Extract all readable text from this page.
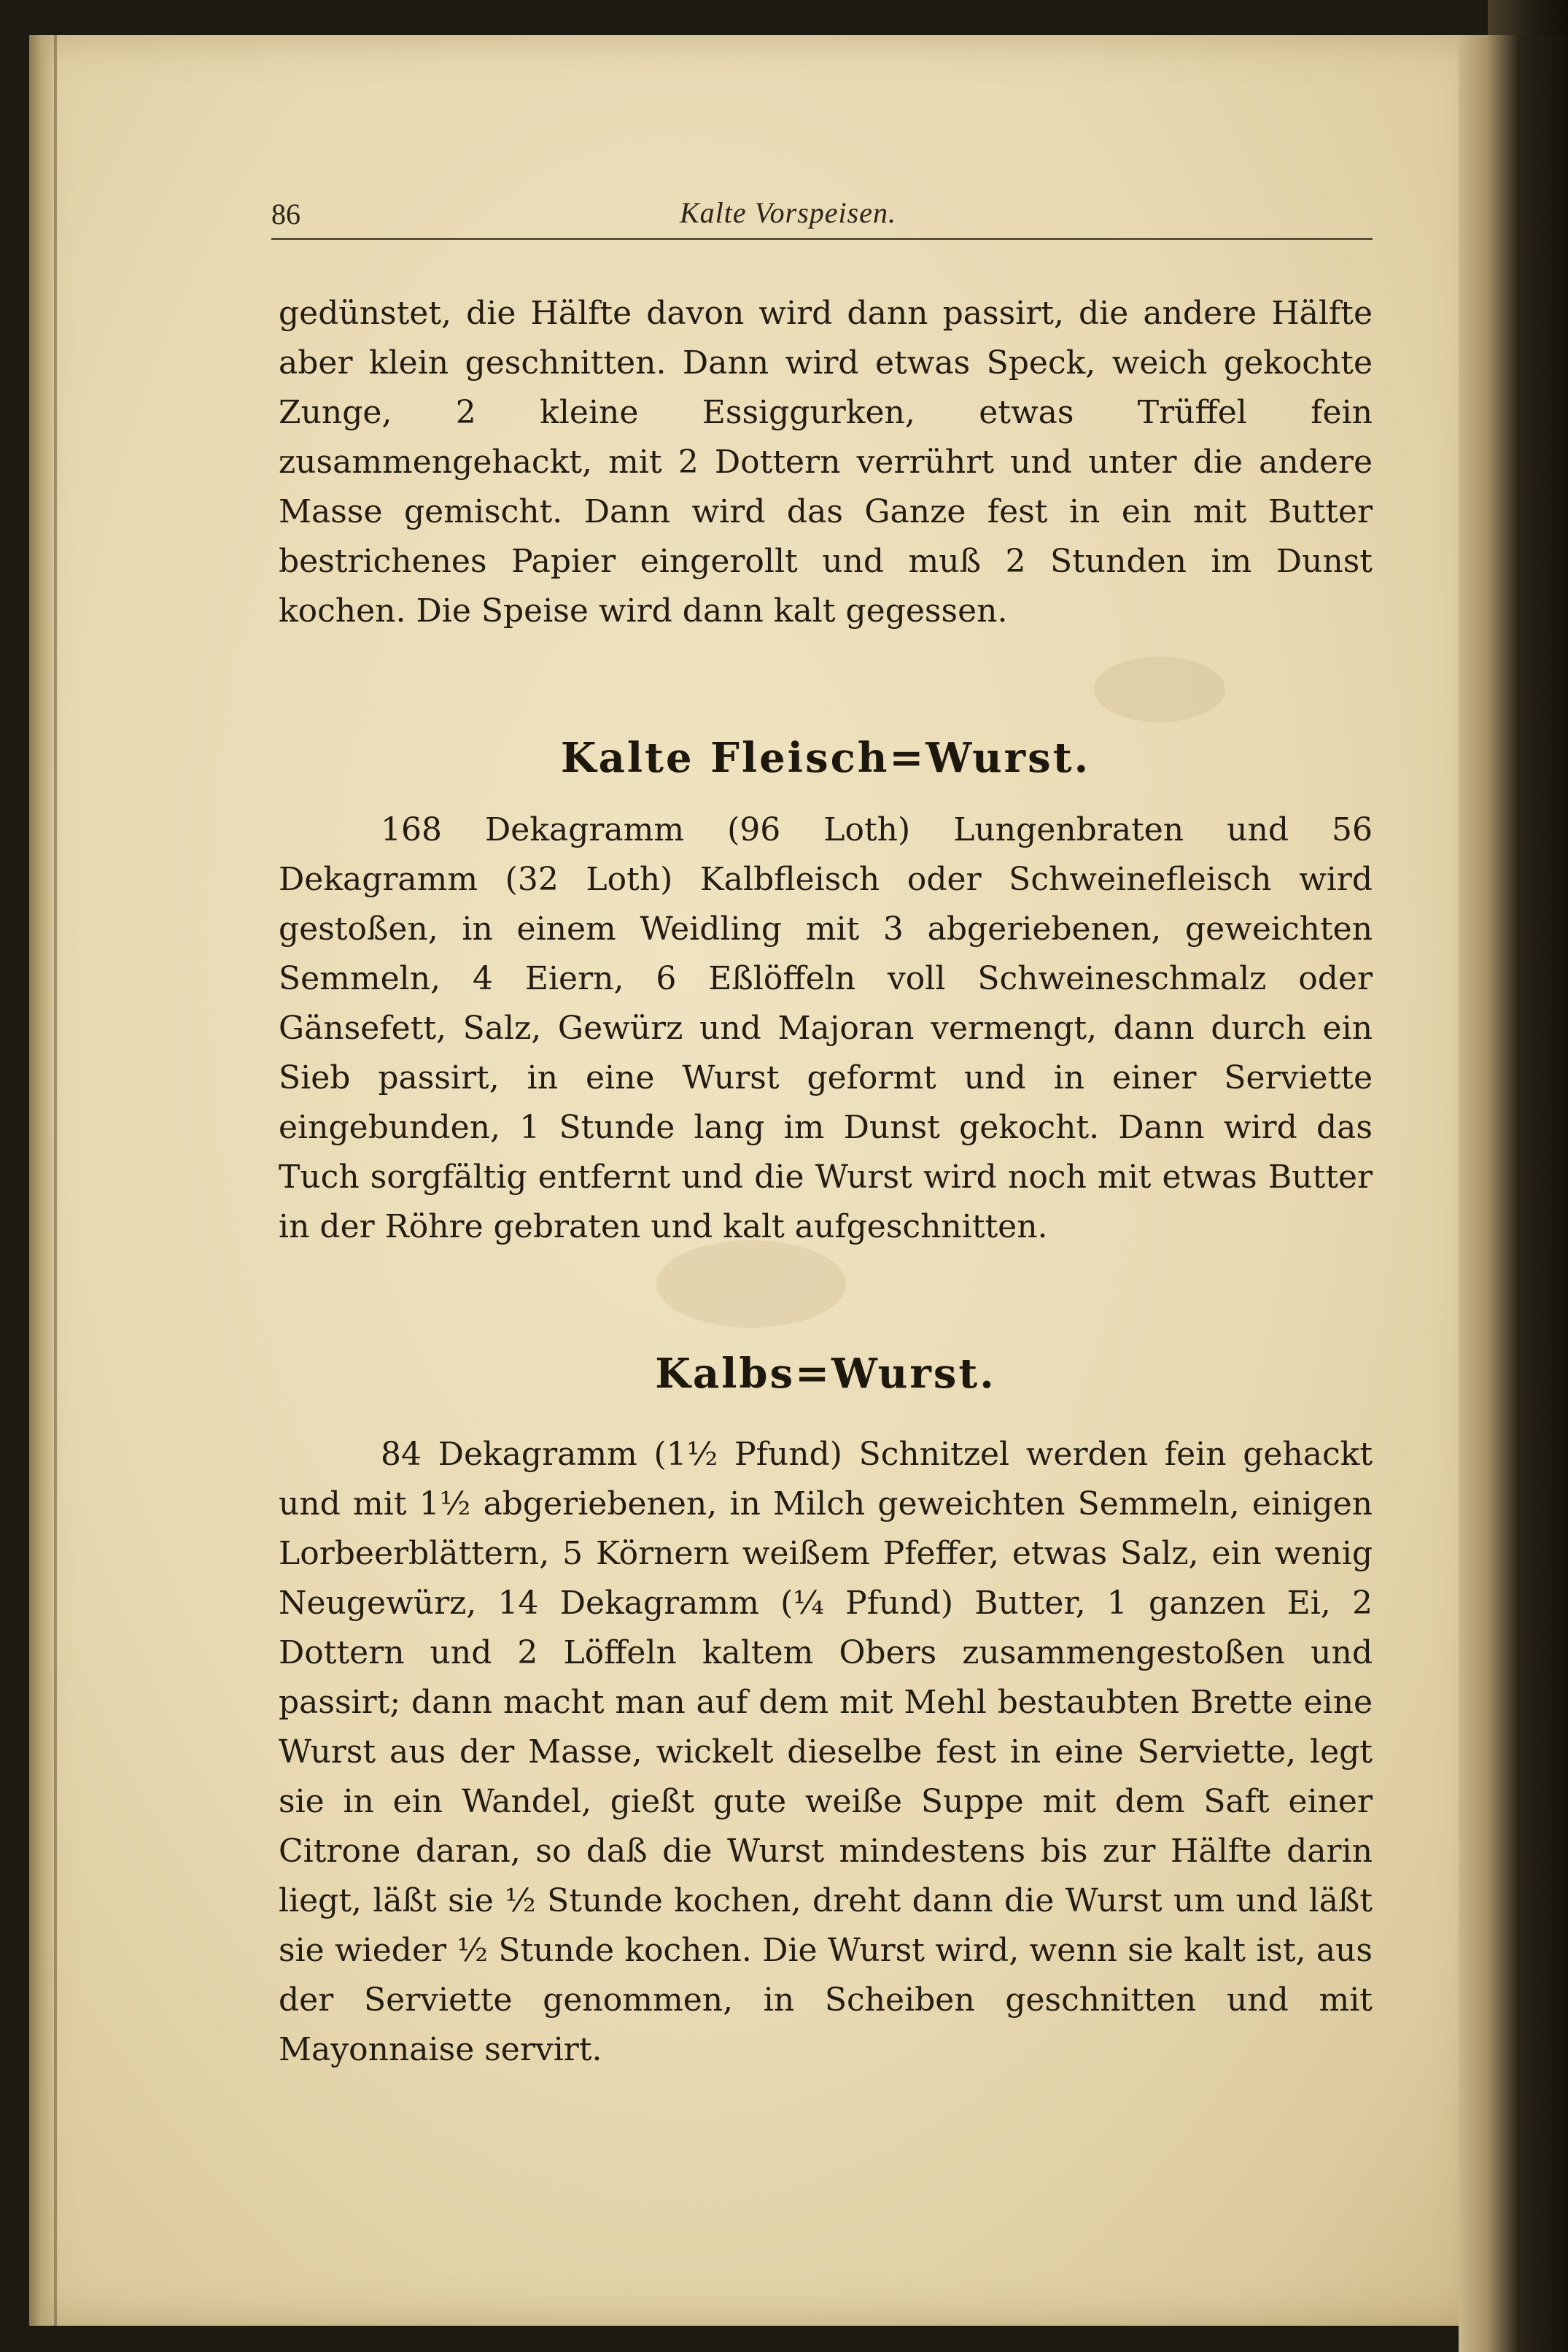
86	Kalte Vorspeisen.

gedünstet, die Hälfte davon wird dann passirt, die andere Hälfte aber klein geschnitten. Dann wird etwas Speck, weich gekochte Zunge, 2 kleine Essiggurken, etwas Trüffel fein zusammengehackt, mit 2 Dottern verrührt und unter die andere Masse gemischt. Dann wird das Ganze fest in ein mit Butter bestrichenes Papier eingerollt und muß 2 Stunden im Dunst kochen. Die Speise wird dann kalt gegessen.

Kalte Fleisch=Wurst.

168 Dekagramm (96 Loth) Lungenbraten und 56 Dekagramm (32 Loth) Kalbfleisch oder Schweinefleisch wird gestoßen, in einem Weidling mit 3 abgeriebenen, geweichten Semmeln, 4 Eiern, 6 Eßlöffeln voll Schweineschmalz oder Gänsefett, Salz, Gewürz und Majoran vermengt, dann durch ein Sieb passirt, in eine Wurst geformt und in einer Serviette eingebunden, 1 Stunde lang im Dunst gekocht. Dann wird das Tuch sorgfältig entfernt und die Wurst wird noch mit etwas Butter in der Röhre gebraten und kalt aufgeschnitten.

Kalbs=Wurst.

84 Dekagramm (1½ Pfund) Schnitzel werden fein gehackt und mit 1½ abgeriebenen, in Milch geweichten Semmeln, einigen Lorbeerblättern, 5 Körnern weißem Pfeffer, etwas Salz, ein wenig Neugewürz, 14 Dekagramm (¼ Pfund) Butter, 1 ganzen Ei, 2 Dottern und 2 Löffeln kaltem Obers zusammengestoßen und passirt; dann macht man auf dem mit Mehl bestaubten Brette eine Wurst aus der Masse, wickelt dieselbe fest in eine Serviette, legt sie in ein Wandel, gießt gute weiße Suppe mit dem Saft einer Citrone daran, so daß die Wurst mindestens bis zur Hälfte darin liegt, läßt sie ½ Stunde kochen, dreht dann die Wurst um und läßt sie wieder ½ Stunde kochen. Die Wurst wird, wenn sie kalt ist, aus der Serviette genommen, in Scheiben geschnitten und mit Mayonnaise servirt.
